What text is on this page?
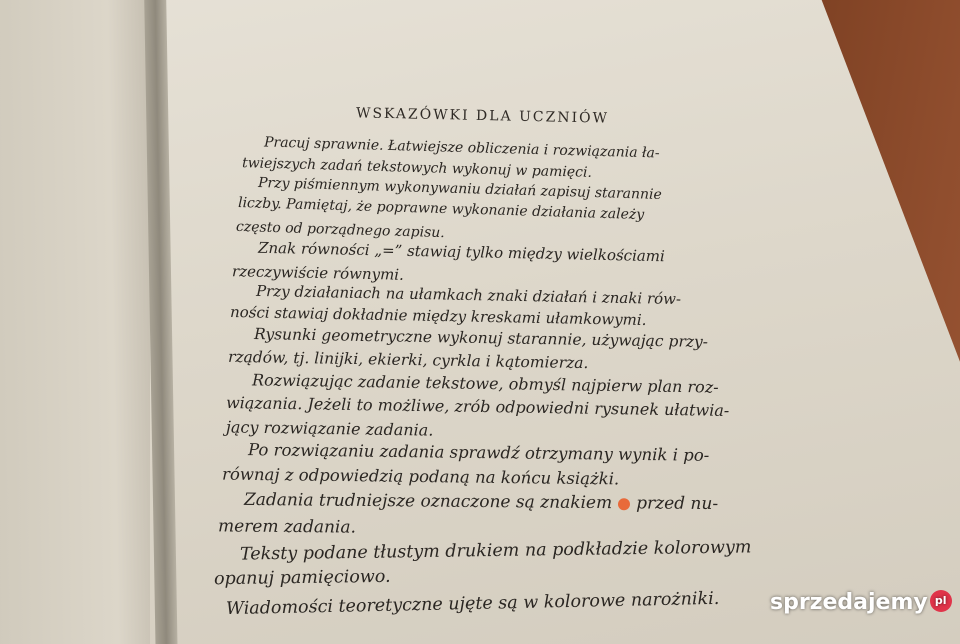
WSKAZÓWKI DLA UCZNIÓW
Pracuj sprawnie. Łatwiejsze obliczenia i rozwiązania ła-
twiejszych zadań tekstowych wykonuj w pamięci.
Przy piśmiennym wykonywaniu działań zapisuj starannie
liczby. Pamiętaj, że poprawne wykonanie działania zależy
często od porządnego zapisu.
Znak równości „=” stawiaj tylko między wielkościami
rzeczywiście równymi.
Przy działaniach na ułamkach znaki działań i znaki rów-
ności stawiaj dokładnie między kreskami ułamkowymi.
Rysunki geometryczne wykonuj starannie, używając przy-
rządów, tj. linijki, ekierki, cyrkla i kątomierza.
Rozwiązując zadanie tekstowe, obmyśl najpierw plan roz-
wiązania. Jeżeli to możliwe, zrób odpowiedni rysunek ułatwia-
jący rozwiązanie zadania.
Po rozwiązaniu zadania sprawdź otrzymany wynik i po-
równaj z odpowiedzią podaną na końcu książki.
Zadania trudniejsze oznaczone są znakiem przed nu-
merem zadania.
Teksty podane tłustym drukiem na podkładzie kolorowym
opanuj pamięciowo.
Wiadomości teoretyczne ujęte są w kolorowe narożniki. sprzedajemy pl
